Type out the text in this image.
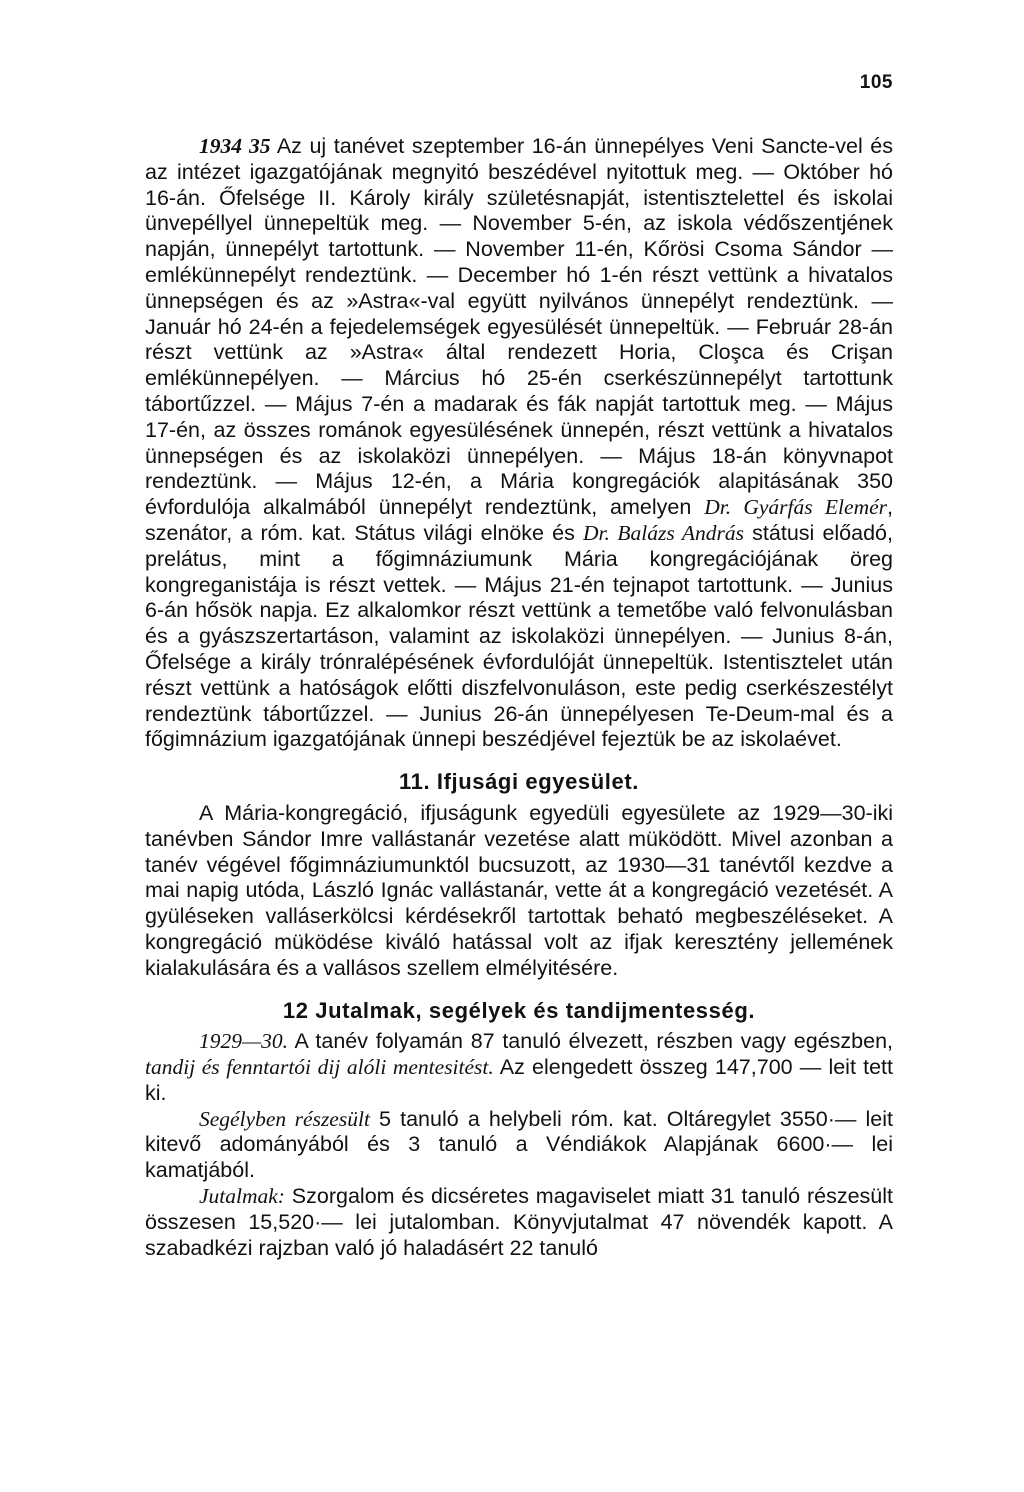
105

1934 35 Az uj tanévet szeptember 16-án ünnepélyes Veni Sancte-vel és az intézet igazgatójának megnyitó beszédével nyitottuk meg. — Október hó 16-án. Őfelsége II. Károly király születésnapját, istentisztelettel és iskolai ünvepéllyel ünnepeltük meg. — November 5-én, az iskola védőszentjének napján, ünnepélyt tartottunk. — November 11-én, Kőrösi Csoma Sándor — emlékünnepélyt rendeztünk. — December hó 1-én részt vettünk a hivatalos ünnepségen és az »Astra«-val együtt nyilvános ünnepélyt rendeztünk. — Január hó 24-én a fejedelemségek egyesülését ünnepeltük. — Február 28-án részt vettünk az »Astra« által rendezett Horia, Cloşca és Crişan emlékünnepélyen. — Március hó 25-én cserkészünnepélyt tartottunk tábortűzzel. — Május 7-én a madarak és fák napját tartottuk meg. — Május 17-én, az összes románok egyesülésének ünnepén, részt vettünk a hivatalos ünnepségen és az iskolaközi ünnepélyen. — Május 18-án könyvnapot rendeztünk. — Május 12-én, a Mária kongregációk alapitásának 350 évfordulója alkalmából ünnepélyt rendeztünk, amelyen Dr. Gyárfás Elemér, szenátor, a róm. kat. Státus világi elnöke és Dr. Balázs András státusi előadó, prelátus, mint a főgimnáziumunk Mária kongregációjának öreg kongreganistája is részt vettek. — Május 21-én tejnapot tartottunk. — Junius 6-án hősök napja. Ez alkalomkor részt vettünk a temetőbe való felvonulásban és a gyászszertartáson, valamint az iskolaközi ünnepélyen. — Junius 8-án, Őfelsége a király trónralépésének évfordulóját ünnepeltük. Istentisztelet után részt vettünk a hatóságok előtti diszfelvonuláson, este pedig cserkészestélyt rendeztünk tábortűzzel. — Junius 26-án ünnepélyesen Te-Deum-mal és a főgimnázium igazgatójának ünnepi beszédjével fejeztük be az iskolaévet.

11. Ifjusági egyesület.

A Mária-kongregáció, ifjuságunk egyedüli egyesülete az 1929—30-iki tanévben Sándor Imre vallástanár vezetése alatt müködött. Mivel azonban a tanév végével főgimnáziumunktól bucsuzott, az 1930—31 tanévtől kezdve a mai napig utóda, László Ignác vallástanár, vette át a kongregáció vezetését. A gyüléseken valláserkölcsi kérdésekről tartottak beható megbeszéléseket. A kongregáció müködése kiváló hatással volt az ifjak keresztény jellemének kialakulására és a vallásos szellem elmélyitésére.

12 Jutalmak, segélyek és tandijmentesség.

1929—30. A tanév folyamán 87 tanuló élvezett, részben vagy egészben, tandij és fenntartói dij alóli mentesitést. Az elengedett összeg 147,700 — leit tett ki.

Segélyben részesült 5 tanuló a helybeli róm. kat. Oltáregylet 3550·— leit kitevő adományából és 3 tanuló a Véndiákok Alapjának 6600·— lei kamatjából.

Jutalmak: Szorgalom és dicséretes magaviselet miatt 31 tanuló részesült összesen 15,520·— lei jutalomban. Könyvjutalmat 47 növendék kapott. A szabadkézi rajzban való jó haladásért 22 tanuló
